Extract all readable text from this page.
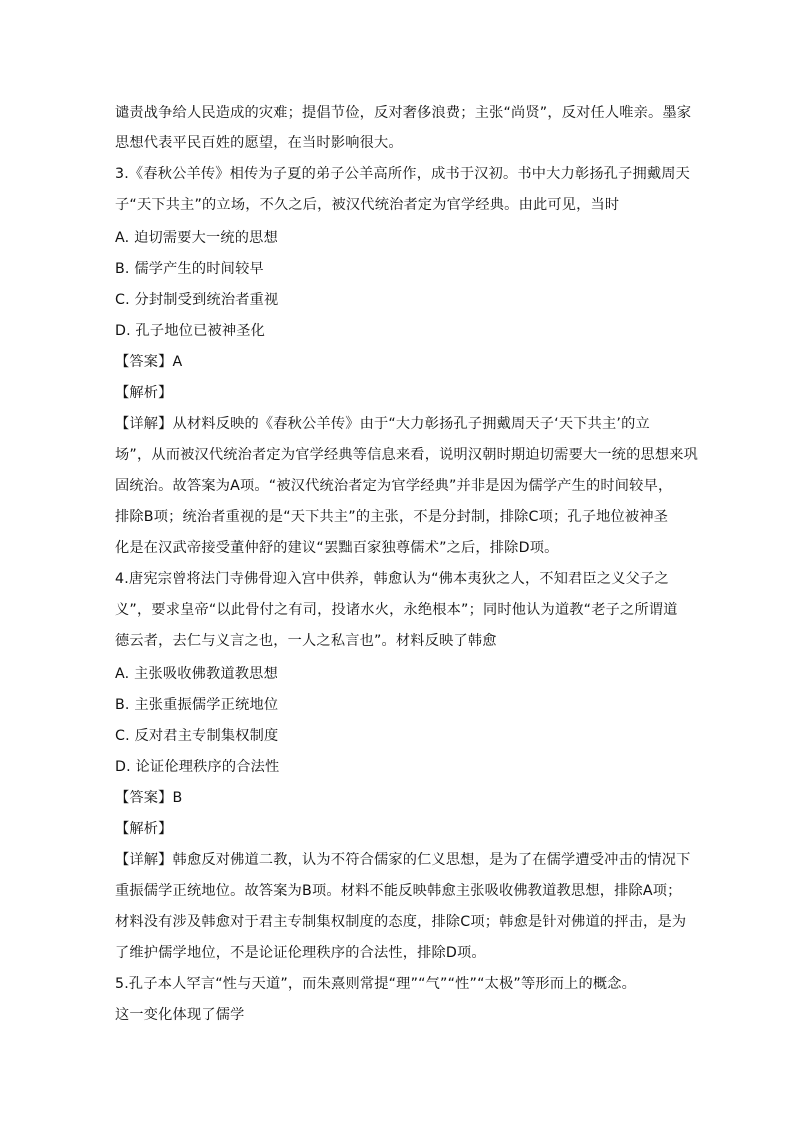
谴责战争给人民造成的灾难；提倡节俭，反对奢侈浪费；主张“尚贤”，反对任人唯亲。墨家
思想代表平民百姓的愿望，在当时影响很大。
3.《春秋公羊传》相传为子夏的弟子公羊高所作，成书于汉初。书中大力彰扬孔子拥戴周天
子“天下共主”的立场，不久之后，被汉代统治者定为官学经典。由此可见，当时
A. 迫切需要大一统的思想
B. 儒学产生的时间较早
C. 分封制受到统治者重视
D. 孔子地位已被神圣化
【答案】A
【解析】
【详解】从材料反映的《春秋公羊传》由于“大力彰扬孔子拥戴周天子‘天下共主’的立
场”，从而被汉代统治者定为官学经典等信息来看，说明汉朝时期迫切需要大一统的思想来巩
固统治。故答案为A项。“被汉代统治者定为官学经典”并非是因为儒学产生的时间较早，
排除B项；统治者重视的是“天下共主”的主张，不是分封制，排除C项；孔子地位被神圣
化是在汉武帝接受董仲舒的建议“罢黜百家独尊儒术”之后，排除D项。
4.唐宪宗曾将法门寺佛骨迎入宫中供养，韩愈认为“佛本夷狄之人，不知君臣之义父子之
义”，要求皇帝“以此骨付之有司，投诸水火，永绝根本”；同时他认为道教“老子之所谓道
德云者，去仁与义言之也，一人之私言也”。材料反映了韩愈
A. 主张吸收佛教道教思想
B. 主张重振儒学正统地位
C. 反对君主专制集权制度
D. 论证伦理秩序的合法性
【答案】B
【解析】
【详解】韩愈反对佛道二教，认为不符合儒家的仁义思想，是为了在儒学遭受冲击的情况下
重振儒学正统地位。故答案为B项。材料不能反映韩愈主张吸收佛教道教思想，排除A项；
材料没有涉及韩愈对于君主专制集权制度的态度，排除C项；韩愈是针对佛道的抨击，是为
了维护儒学地位，不是论证伦理秩序的合法性，排除D项。
5.孔子本人罕言“性与天道”，而朱熹则常提“理”“气”“性”“太极”等形而上的概念。
这一变化体现了儒学
